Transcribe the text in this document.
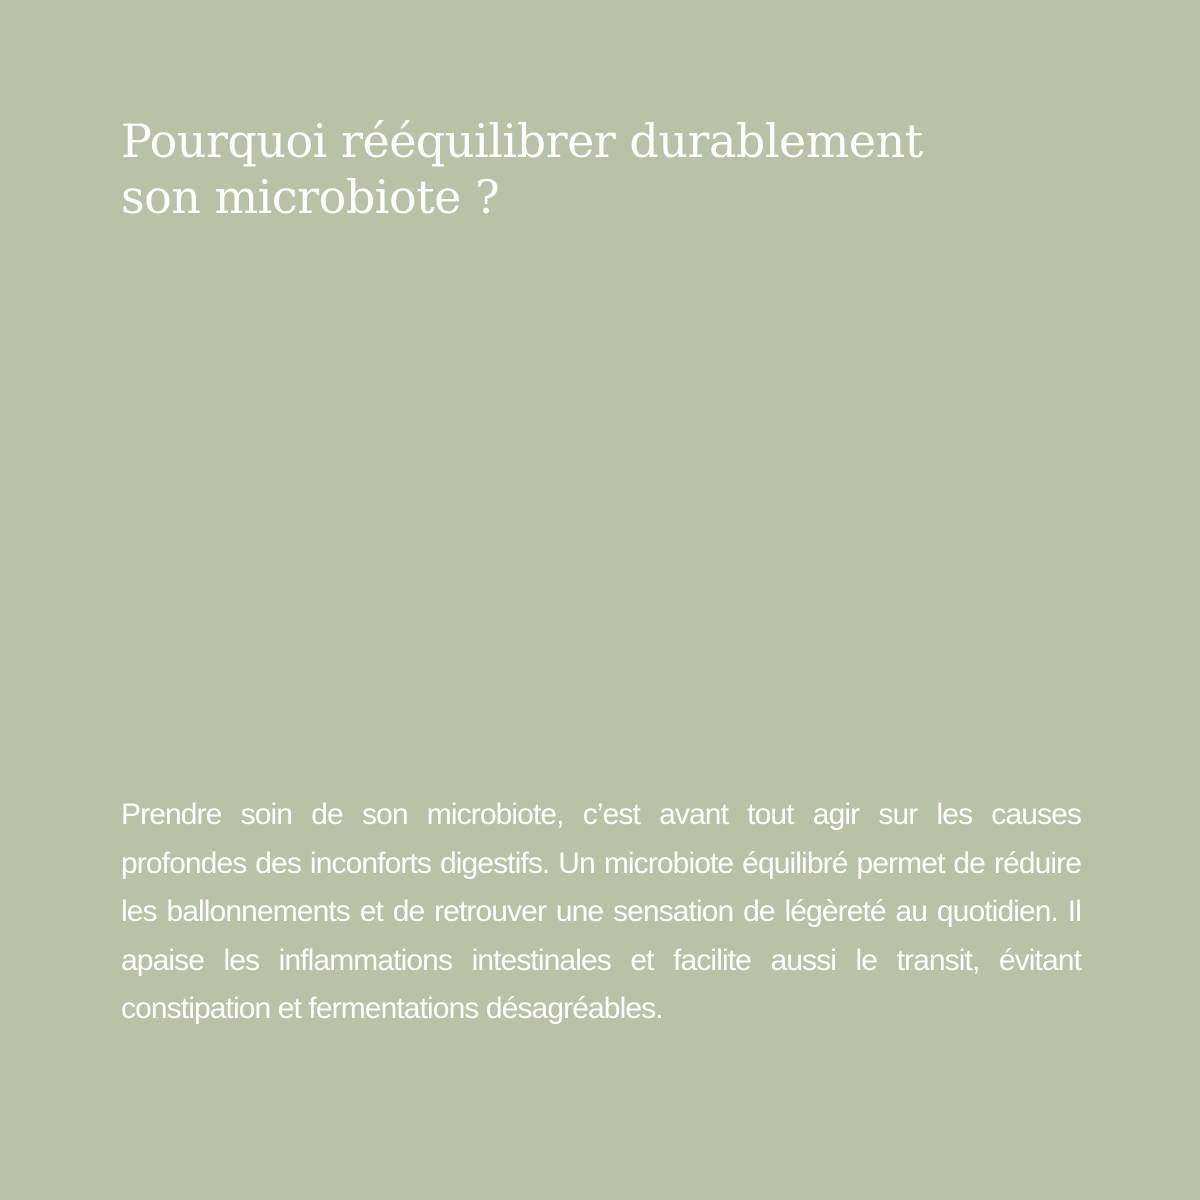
Pourquoi rééquilibrer durablement
son microbiote ?

Prendre soin de son microbiote, c’est avant tout agir sur les causes profondes des inconforts digestifs. Un microbiote équilibré permet de réduire les ballonnements et de retrouver une sensation de légèreté au quotidien. Il apaise les inflammations intestinales et facilite aussi le transit, évitant constipation et fermentations désagréables.
